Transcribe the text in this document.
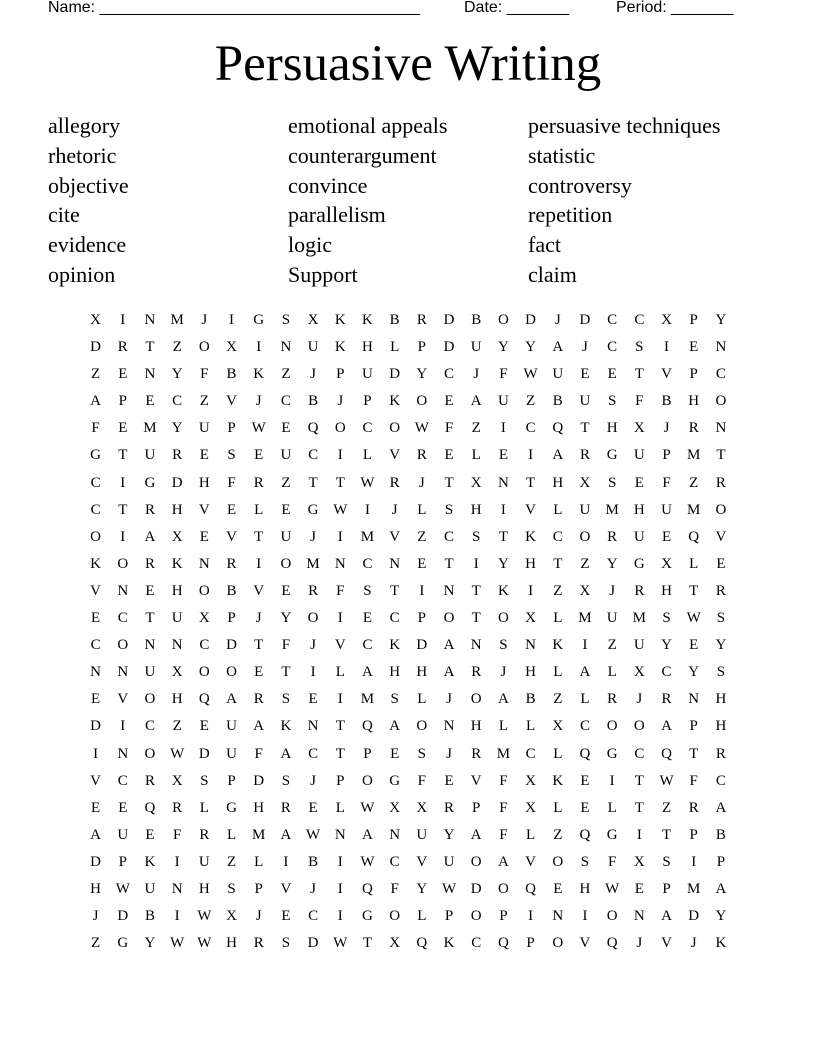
Name: ____________________________________	Date: _______	Period: _______
Persuasive Writing
allegory	emotional appeals	persuasive techniques
rhetoric	counterargument	statistic
objective	convince	controversy
cite	parallelism	repetition
evidence	logic	fact
opinion	Support	claim
X	I	N	M	J	I	G	S	X	K	K	B	R	D	B	O	D	J	D	C	C	X	P	Y
D	R	T	Z	O	X	I	N	U	K	H	L	P	D	U	Y	Y	A	J	C	S	I	E	N
Z	E	N	Y	F	B	K	Z	J	P	U	D	Y	C	J	F	W U	E	E	T	V	P	C
A	P	E	C	Z	V	J	C	B	J	P	K	O	E	A	U	Z	B	U	S	F	B	H	O
F	E	M	Y	U	P	W	E	Q	O	C	O W	F	Z	I	C	Q	T	H	X	J	R	N
G	T	U	R	E	S	E	U	C	I	L	V	R	E	L	E	I	A	R	G	U	P	M	T
C	I	G	D	H	F	R	Z	T	T	W	R	J	T	X	N	T	H	X	S	E	F	Z	R
C	T	R	H	V	E	L	E	G W	I	J	L	S	H	I	V	L	U	M	H	U	M	O
O	I	A	X	E	V	T	U	J	I	M	V	Z	C	S	T	K	C	O	R	U	E	Q	V
K	O	R	K	N	R	I	O	M	N	C	N	E	T	I	Y	H	T	Z	Y	G	X	L	E
V	N	E	H	O	B	V	E	R	F	S	T	I	N	T	K	I	Z	X	J	R	H	T	R
E	C	T	U	X	P	J	Y	O	I	E	C	P	O	T	O	X	L	M	U	M	S	W	S
C	O	N	N	C	D	T	F	J	V	C	K	D	A	N	S	N	K	I	Z	U	Y	E	Y
N	N	U	X	O	O	E	T	I	L	A	H	H	A	R	J	H	L	A	L	X	C	Y	S
E	V	O	H	Q	A	R	S	E	I	M	S	L	J	O	A	B	Z	L	R	J	R	N	H
D	I	C	Z	E	U	A	K	N	T	Q	A	O	N	H	L	L	X	C	O	O	A	P	H
I	N	O W D	U	F	A	C	T	P	E	S	J	R	M	C	L	Q	G	C	Q	T	R
V	C	R	X	S	P	D	S	J	P	O	G	F	E	V	F	X	K	E	I	T	W	F	C
E	E	Q	R	L	G	H	R	E	L	W X	X	R	P	F	X	L	E	L	T	Z	R	A
A	U	E	F	R	L	M	A W N	A	N	U	Y	A	F	L	Z	Q	G	I	T	P	B
D	P	K	I	U	Z	L	I	B	I	W	C	V	U	O	A	V	O	S	F	X	S	I	P
H W U	N	H	S	P	V	J	I	Q	F	Y W D	O	Q	E	H W	E	P	M	A
J	D	B	I	W X	J	E	C	I	G	O	L	P	O	P	I	N	I	O	N	A	D	Y
Z	G	Y W W H	R	S	D W	T	X	Q	K	C	Q	P	O	V	Q	J	V	J	K
